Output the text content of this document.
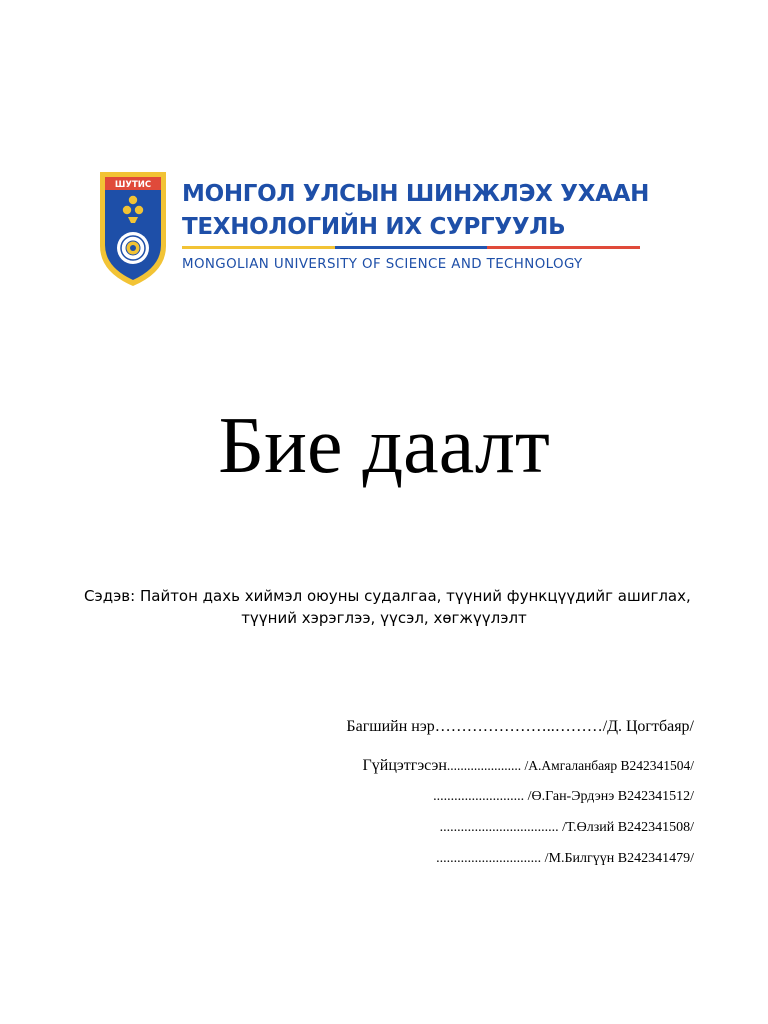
ШУТИС МОНГОЛ УЛСЫН ШИНЖЛЭХ УХААН
ТЕХНОЛОГИЙН ИХ СУРГУУЛЬ
MONGOLIAN UNIVERSITY OF SCIENCE AND TECHNOLOGY
Бие даалт
Сэдэв: Пайтон дахь хиймэл оюуны судалгаа, түүний функцүүдийг ашиглах,
түүний хэрэглээ, үүсэл, хөгжүүлэлт
Багшийн нэр…………………..………/Д. Цогтбаяр/
Гүйцэтгэсэн...................... /А.Амгаланбаяр B242341504/
.......................... /Ө.Ган-Эрдэнэ B242341512/
.................................. /Т.Өлзий B242341508/
.............................. /М.Билгүүн B242341479/
